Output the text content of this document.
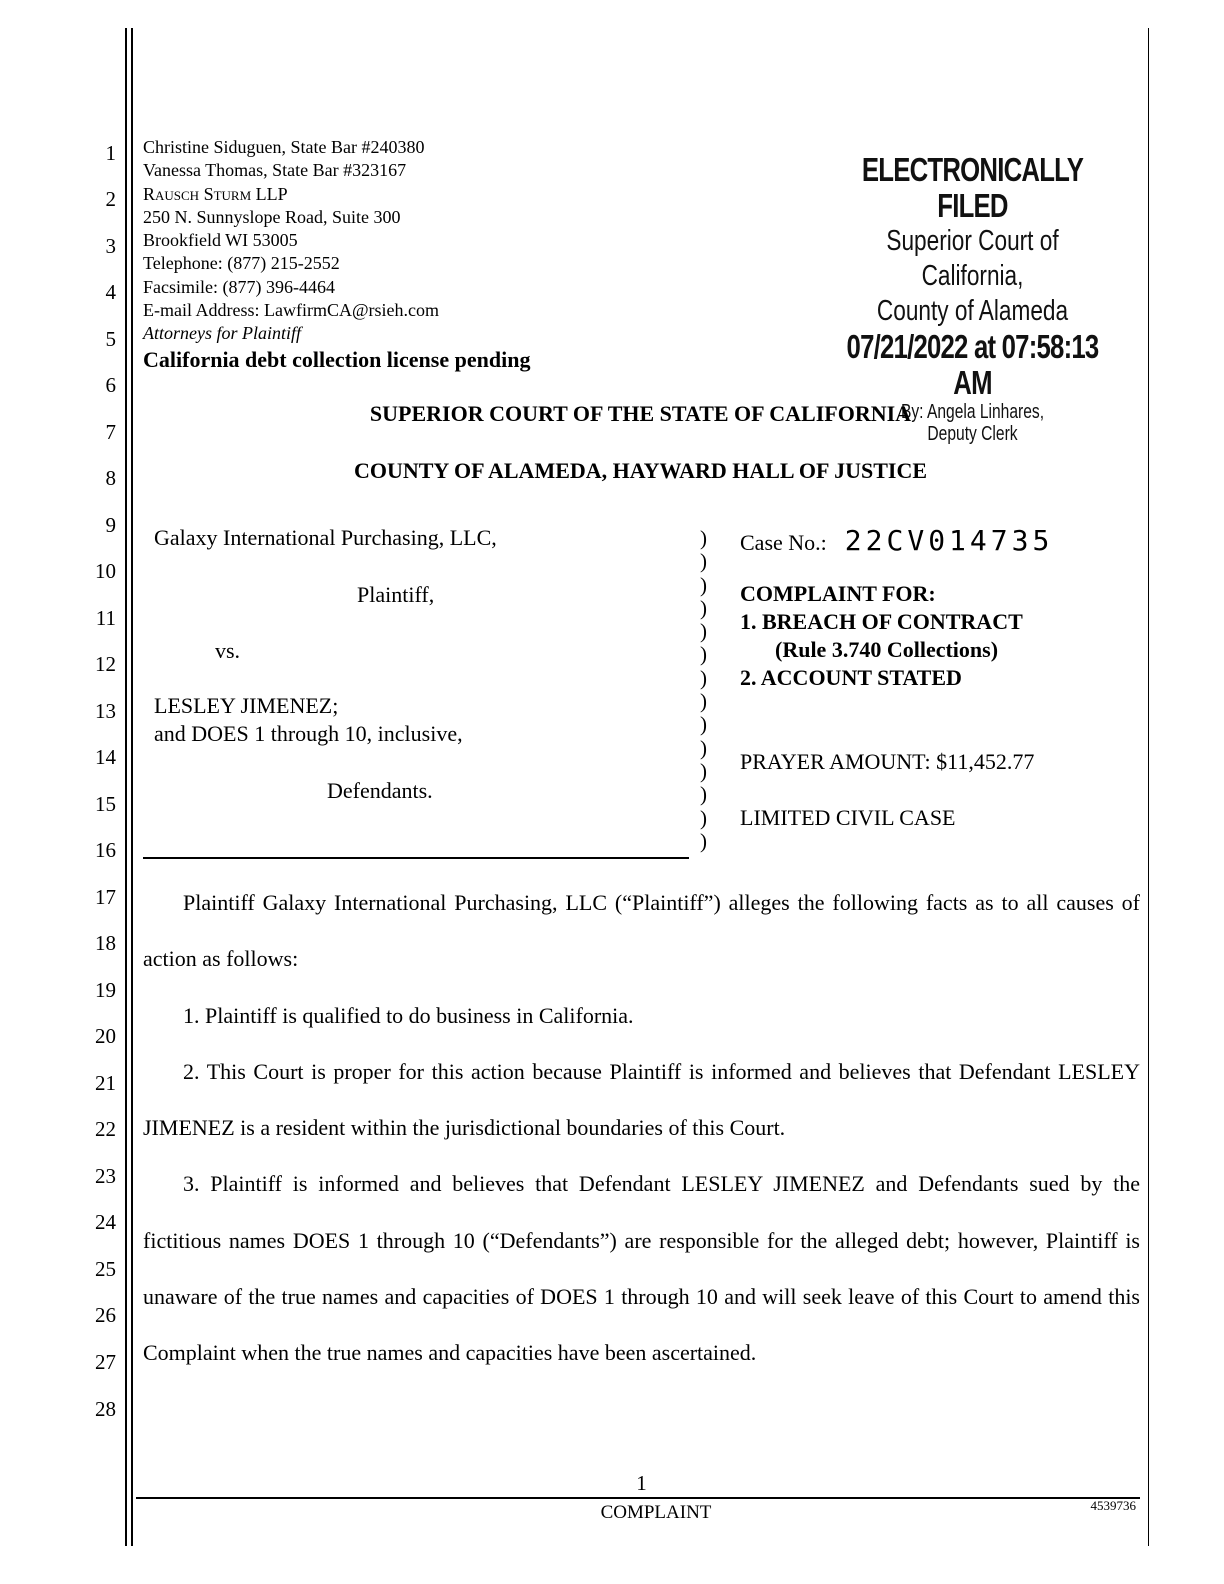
1
2
3
4
5
6
7
8
9
10
11
12
13
14
15
16
17
18
19
20
21
22
23
24
25
26
27
28
Christine Siduguen, State Bar #240380
Vanessa Thomas, State Bar #323167
Rausch Sturm LLP
250 N. Sunnyslope Road, Suite 300
Brookfield WI 53005
Telephone: (877) 215-2552
Facsimile: (877) 396-4464
E-mail Address: LawfirmCA@rsieh.com
Attorneys for Plaintiff
California debt collection license pending
ELECTRONICALLY FILED
Superior Court of California,
County of Alameda
07/21/2022 at 07:58:13 AM
By: Angela Linhares,
Deputy Clerk
SUPERIOR COURT OF THE STATE OF CALIFORNIA
COUNTY OF ALAMEDA, HAYWARD HALL OF JUSTICE
Galaxy International Purchasing, LLC,
Plaintiff,
vs.
LESLEY JIMENEZ;
and DOES 1 through 10, inclusive,
Defendants.
)
)
)
)
)
)
)
)
)
)
)
)
)
)
Case No.: 22CV014735
COMPLAINT FOR:
1. BREACH OF CONTRACT
(Rule 3.740 Collections)
2. ACCOUNT STATED
PRAYER AMOUNT: $11,452.77
LIMITED CIVIL CASE

Plaintiff Galaxy International Purchasing, LLC (“Plaintiff”) alleges the following facts as to all causes of action as follows:

1. Plaintiff is qualified to do business in California.

2. This Court is proper for this action because Plaintiff is informed and believes that Defendant LESLEY JIMENEZ is a resident within the jurisdictional boundaries of this Court.

3. Plaintiff is informed and believes that Defendant LESLEY JIMENEZ and Defendants sued by the fictitious names DOES 1 through 10 (“Defendants”) are responsible for the alleged debt; however, Plaintiff is unaware of the true names and capacities of DOES 1 through 10 and will seek leave of this Court to amend this Complaint when the true names and capacities have been ascertained.

1
COMPLAINT	4539736
